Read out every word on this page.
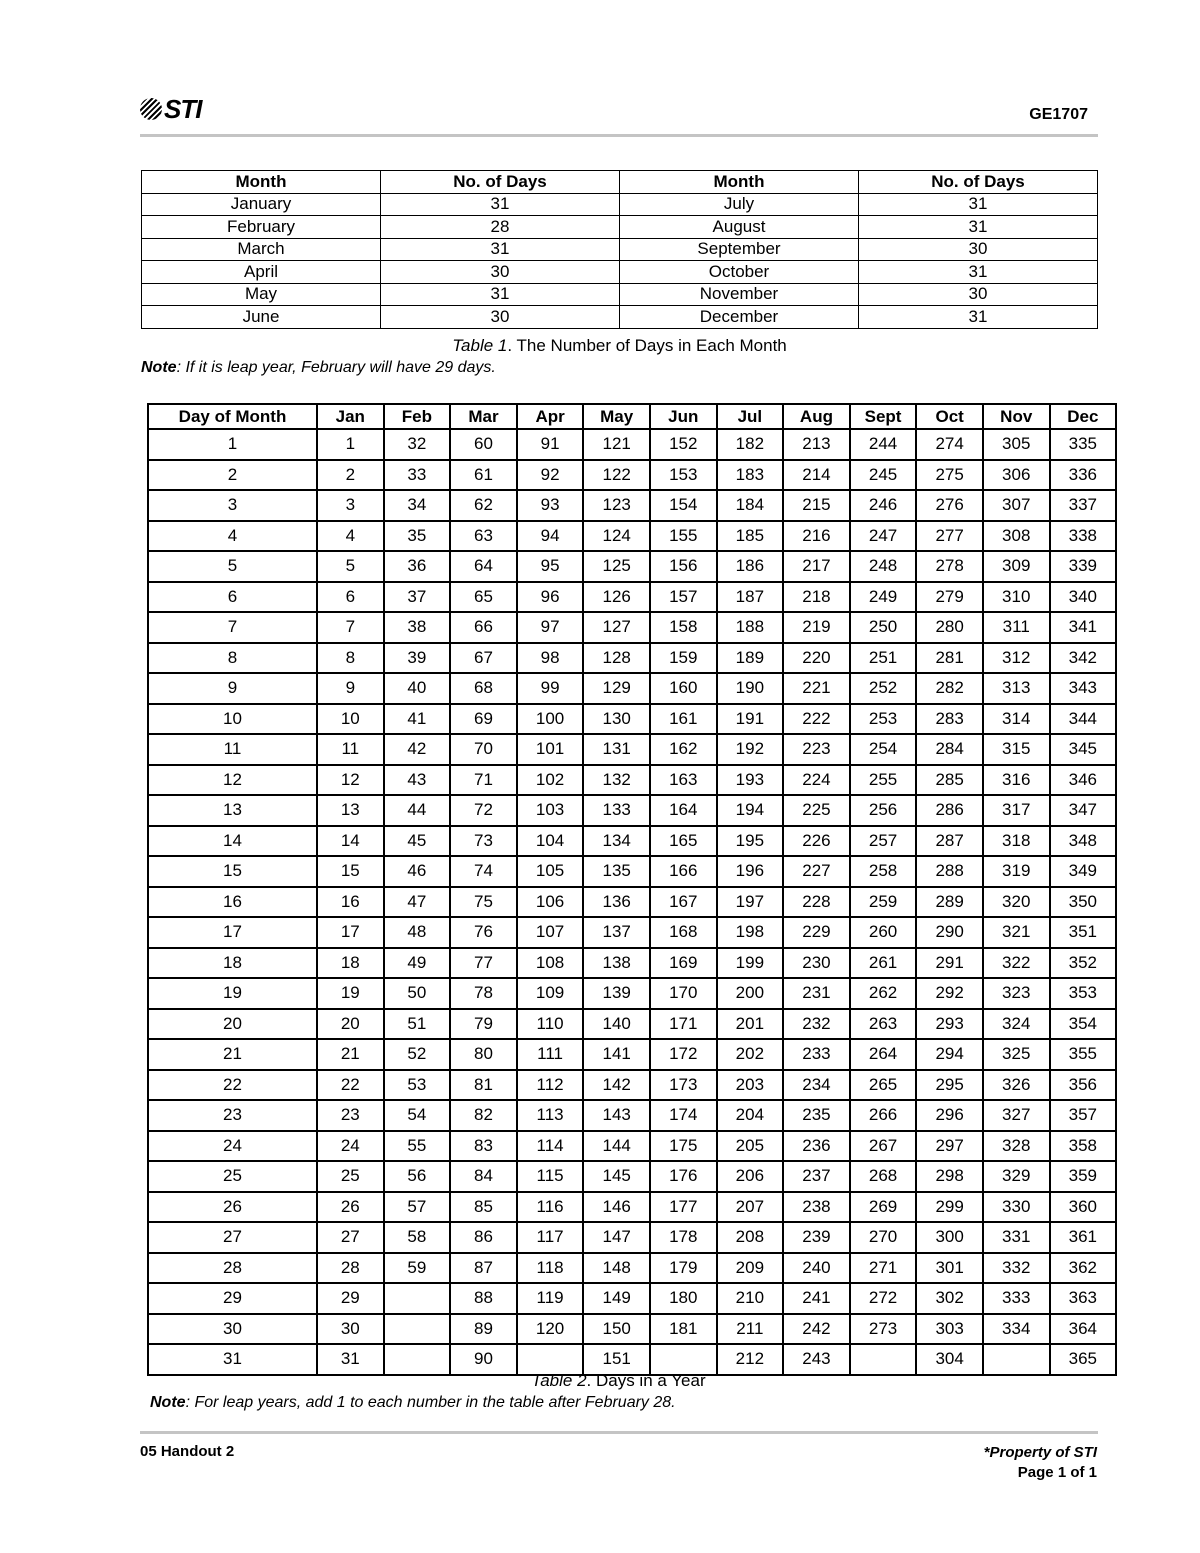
STI	GE1707
Month	No. of Days	Month	No. of Days
January	31	July	31
February	28	August	31
March	31	September	30
April	30	October	31
May	31	November	30
June	30	December	31
Table 1. The Number of Days in Each Month
Note: If it is leap year, February will have 29 days.
Day of Month	Jan	Feb	Mar	Apr	May	Jun	Jul	Aug	Sept	Oct	Nov	Dec
1	1	32	60	91	121	152	182	213	244	274	305	335
2	2	33	61	92	122	153	183	214	245	275	306	336
3	3	34	62	93	123	154	184	215	246	276	307	337
4	4	35	63	94	124	155	185	216	247	277	308	338
5	5	36	64	95	125	156	186	217	248	278	309	339
6	6	37	65	96	126	157	187	218	249	279	310	340
7	7	38	66	97	127	158	188	219	250	280	311	341
8	8	39	67	98	128	159	189	220	251	281	312	342
9	9	40	68	99	129	160	190	221	252	282	313	343
10	10	41	69	100	130	161	191	222	253	283	314	344
11	11	42	70	101	131	162	192	223	254	284	315	345
12	12	43	71	102	132	163	193	224	255	285	316	346
13	13	44	72	103	133	164	194	225	256	286	317	347
14	14	45	73	104	134	165	195	226	257	287	318	348
15	15	46	74	105	135	166	196	227	258	288	319	349
16	16	47	75	106	136	167	197	228	259	289	320	350
17	17	48	76	107	137	168	198	229	260	290	321	351
18	18	49	77	108	138	169	199	230	261	291	322	352
19	19	50	78	109	139	170	200	231	262	292	323	353
20	20	51	79	110	140	171	201	232	263	293	324	354
21	21	52	80	111	141	172	202	233	264	294	325	355
22	22	53	81	112	142	173	203	234	265	295	326	356
23	23	54	82	113	143	174	204	235	266	296	327	357
24	24	55	83	114	144	175	205	236	267	297	328	358
25	25	56	84	115	145	176	206	237	268	298	329	359
26	26	57	85	116	146	177	207	238	269	299	330	360
27	27	58	86	117	147	178	208	239	270	300	331	361
28	28	59	87	118	148	179	209	240	271	301	332	362
29	29		88	119	149	180	210	241	272	302	333	363
30	30		89	120	150	181	211	242	273	303	334	364
31	31		90		151		212	243		304		365
Table 2. Days in a Year
Note: For leap years, add 1 to each number in the table after February 28.
05 Handout 2	*Property of STI
Page 1 of 1
